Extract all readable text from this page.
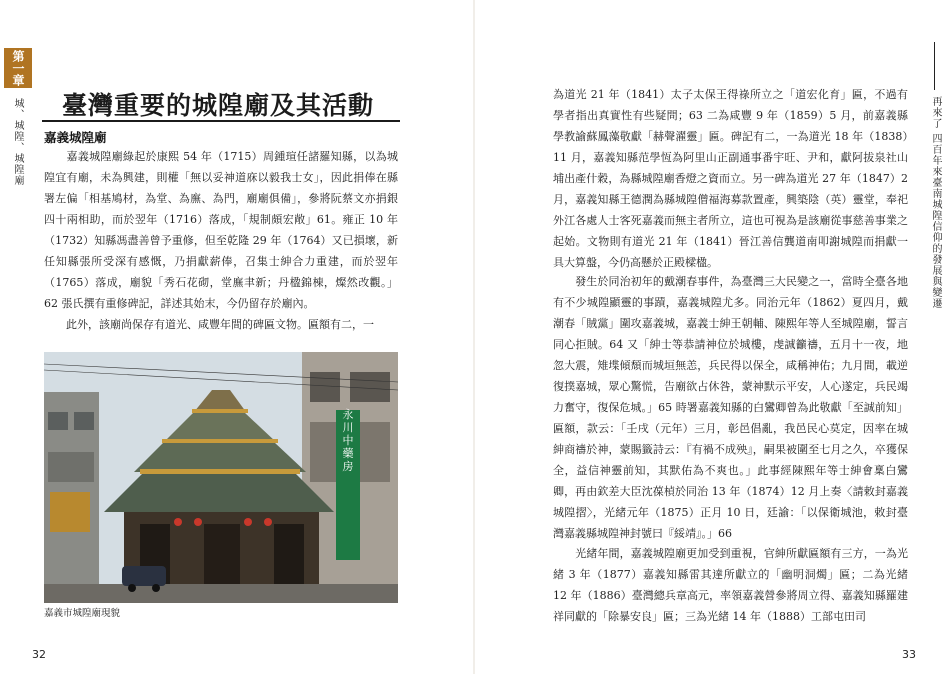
第一章
城、城隍、城隍廟 臺灣重要的城隍廟及其活動
嘉義城隍廟
　　嘉義城隍廟綠起於康熙 54 年（1715）周鍾瑄任諸羅知縣，以為城隍宜有廟，未為興建，則權「無以妥神道庥以毅我士女」，因此捐俸在縣署左偏「相基鳩材，為堂、為廡、為門，廟廟俱備」，參將阮蔡文亦捐銀四十兩相助，而於翌年（1716）落成，「規制頗宏敞」61。雍正 10 年（1732）知縣馮盡善曾予重修，但至乾隆 29 年（1764）又已損壞，新任知縣張所受深有感慨，乃捐獻薪俸，召集士紳合力重建，而於翌年（1765）落成，廟貌「秀石花砌，堂廡聿新；丹楹錦棟，燦然改觀。」62 張氏撰有重修碑記，詳述其始末，今仍留存於廟內。
　　此外，該廟尚保存有道光、咸豐年間的碑匾文物。匾額有二，一
永川中藥房
嘉義市城隍廟現貌
32
再來了 四百年來臺南城隍信仰的發展與變遷
為道光 21 年（1841）太子太保王得祿所立之「道宏化育」匾，不過有學者指出真實性有些疑問；63 二為咸豐 9 年（1859）5 月，前嘉義縣學教諭蘇鳳藻敬獻「赫聲濯靈」匾。碑記有二，一為道光 18 年（1838）11 月，嘉義知縣范學恆為阿里山正副通事番宇旺、尹和，獻阿拔泉社山埔出產什穀，為縣城隍廟香燈之資而立。另一碑為道光 27 年（1847）2 月，嘉義知縣王德潤為縣城隍僧福海募款置產，興築陰（英）靈堂，奉祀外江各處人士客死嘉義而無主者所立，這也可視為是該廟從事慈善事業之起始。文物則有道光 21 年（1841）晉江善信龔道南叩謝城隍而捐獻一具大算盤，今仍高懸於正殿樑楹。
　　發生於同治初年的戴潮春事件，為臺灣三大民變之一，當時全臺各地有不少城隍顯靈的事蹟，嘉義城隍尤多。同治元年（1862）夏四月，戴潮春「賊黨」圍攻嘉義城，嘉義士紳王朝輔、陳熙年等人至城隍廟，誓言同心拒賊。64 又「紳士等恭請神位於城樓，虔誠籲禱，五月十一夜，地忽大震，雉堞傾頹而城垣無恙，兵民得以保全，咸稱神佑；九月間，載逆復撲嘉城，眾心驚慌，告廟欲占休咎，蒙神默示平安，人心遂定，兵民竭力奮守，復保危城。」65 時署嘉義知縣的白鸞卿曾為此敬獻「至誠前知」匾額，款云：「壬戌（元年）三月，彰邑倡亂，我邑民心莫定，因率在城紳商禱於神，蒙賜籤詩云：『有禍不成殃』，嗣果被圍至七月之久，卒獲保全，益信神靈前知，其默佑為不爽也。」此事經陳熙年等士紳會稟白鸞卿，再由欽差大臣沈葆楨於同治 13 年（1874）12 月上奏〈請敕封嘉義城隍摺〉，光緒元年（1875）正月 10 日，廷諭：「以保衛城池，敕封臺灣嘉義縣城隍神封號曰『綏靖』。」66
　　光緒年間，嘉義城隍廟更加受到重視，官紳所獻匾額有三方，一為光緒 3 年（1877）嘉義知縣雷其達所獻立的「幽明洞燭」匾；二為光緒 12 年（1886）臺灣總兵章高元，率領嘉義營參將周立得、嘉義知縣羅建祥同獻的「除暴安良」匾；三為光緒 14 年（1888）工部屯田司
33
